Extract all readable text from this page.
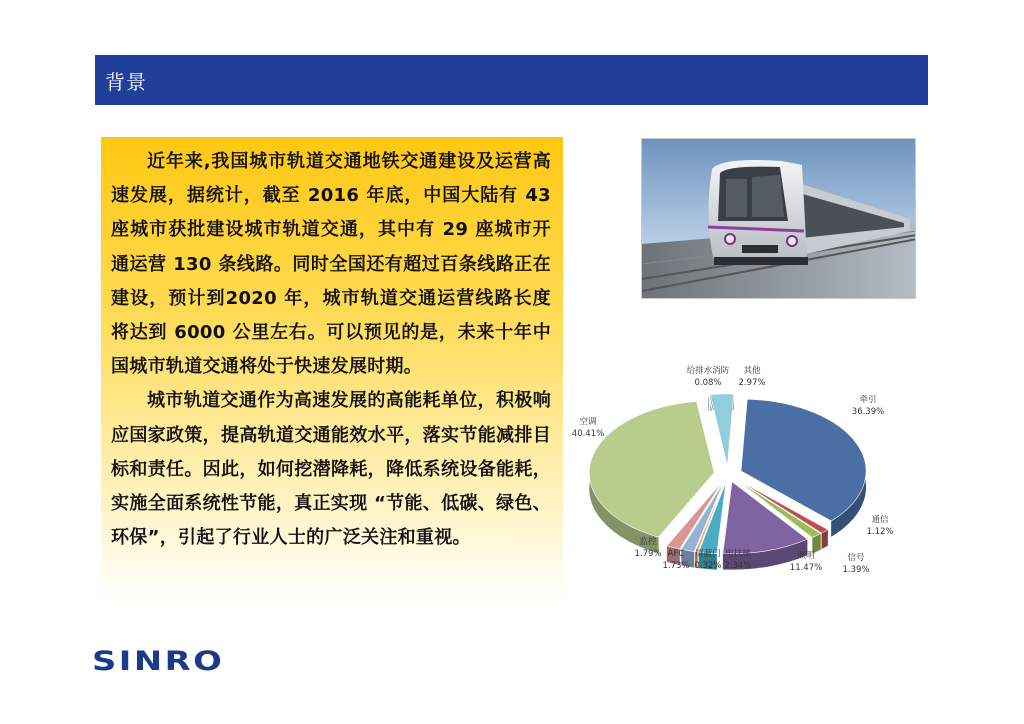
背景

近年来,我国城市轨道交通地铁交通建设及运营高速发展，据统计，截至 2016 年底，中国大陆有 43 座城市获批建设城市轨道交通，其中有 29 座城市开通运营 130 条线路。同时全国还有超过百条线路正在建设，预计到2020 年，城市轨道交通运营线路长度将达到 6000 公里左右。可以预见的是，未来十年中国城市轨道交通将处于快速发展时期。

城市轨道交通作为高速发展的高能耗单位，积极响应国家政策，提高轨道交通能效水平，落实节能减排目标和责任。因此，如何挖潜降耗，降低系统设备能耗，实施全面系统性节能，真正实现 “节能、低碳、绿色、环保”，引起了行业人士的广泛关注和重视。

牵引
36.39%
通信
1.12%
信号
1.39%
照明
11.47%
电扶梯
2.34%
屏蔽门
0.32%
AFC
1.73%
监控
1.79%
空调
40.41%
给排水消防
0.08%
其他
2.97%
SINRO
